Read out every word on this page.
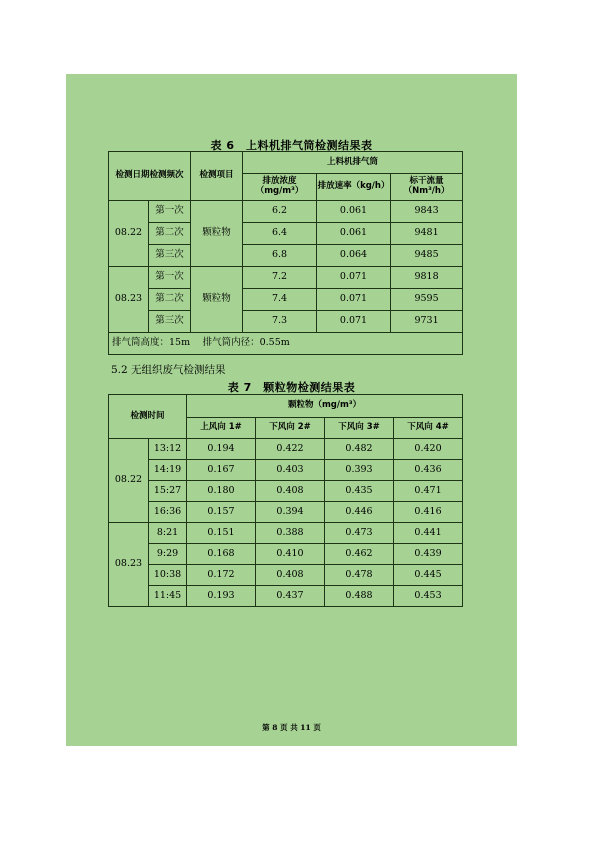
表 6　上料机排气筒检测结果表
检测日期检测频次		检测项目	上料机排气筒		
			排放浓度（mg/m³）	排放速率（kg/h）	标干流量（Nm³/h）
08.22	第一次	颗粒物	6.2	0.061	9843
	第二次		6.4	0.061	9481
	第三次		6.8	0.064	9485
08.23	第一次	颗粒物	7.2	0.071	9818
	第二次		7.4	0.071	9595
	第三次		7.3	0.071	9731
排气筒高度：15m　 排气筒内径：0.55m					
5.2 无组织废气检测结果
表 7　颗粒物检测结果表
检测时间		颗粒物（mg/m³）			
		上风向 1#	下风向 2#	下风向 3#	下风向 4#
08.22	13:12	0.194	0.422	0.482	0.420
	14:19	0.167	0.403	0.393	0.436
	15:27	0.180	0.408	0.435	0.471
	16:36	0.157	0.394	0.446	0.416
08.23	8:21	0.151	0.388	0.473	0.441
	9:29	0.168	0.410	0.462	0.439
	10:38	0.172	0.408	0.478	0.445
	11:45	0.193	0.437	0.488	0.453
第 8 页 共 11 页
